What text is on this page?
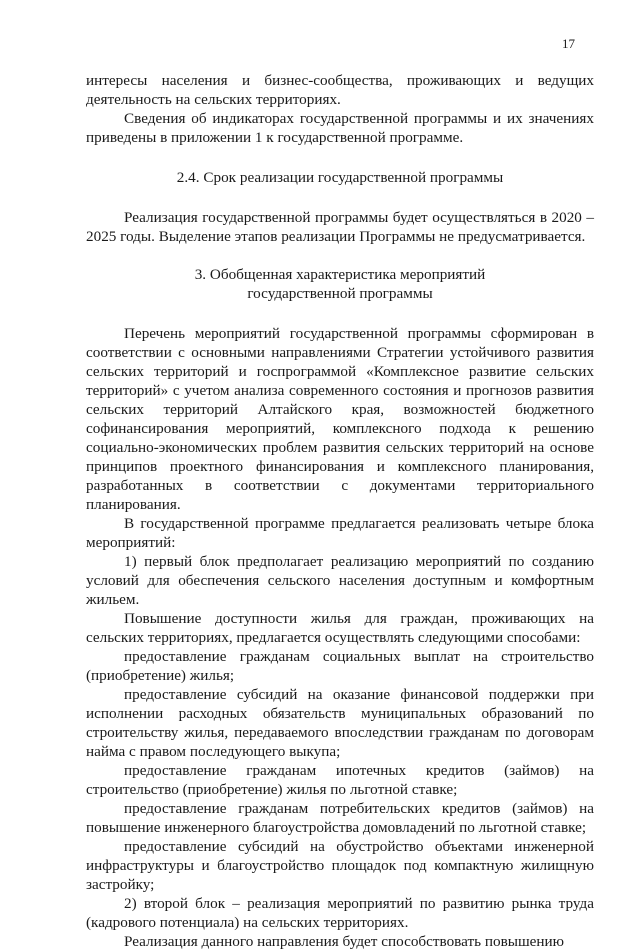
17

интересы населения и бизнес-сообщества, проживающих и ведущих деятельность на сельских территориях.

Сведения об индикаторах государственной программы и их значениях приведены в приложении 1 к государственной программе.

2.4. Срок реализации государственной программы

Реализация государственной программы будет осуществляться в 2020 – 2025 годы. Выделение этапов реализации Программы не предусматривается.

3. Обобщенная характеристика мероприятий

государственной программы

Перечень мероприятий государственной программы сформирован в соответствии с основными направлениями Стратегии устойчивого развития сельских территорий и госпрограммой «Комплексное развитие сельских территорий» с учетом анализа современного состояния и прогнозов развития сельских территорий Алтайского края, возможностей бюджетного софинансирования мероприятий, комплексного подхода к решению социально-экономических проблем развития сельских территорий на основе принципов проектного финансирования и комплексного планирования, разработанных в соответствии с документами территориального планирования.

В государственной программе предлагается реализовать четыре блока мероприятий:

1) первый блок предполагает реализацию мероприятий по созданию условий для обеспечения сельского населения доступным и комфортным жильем.

Повышение доступности жилья для граждан, проживающих на сельских территориях, предлагается осуществлять следующими способами:

предоставление гражданам социальных выплат на строительство (приобретение) жилья;

предоставление субсидий на оказание финансовой поддержки при исполнении расходных обязательств муниципальных образований по строительству жилья, передаваемого впоследствии гражданам по договорам найма с правом последующего выкупа;

предоставление гражданам ипотечных кредитов (займов) на строительство (приобретение) жилья по льготной ставке;

предоставление гражданам потребительских кредитов (займов) на повышение инженерного благоустройства домовладений по льготной ставке;

предоставление субсидий на обустройство объектами инженерной инфраструктуры и благоустройство площадок под компактную жилищную застройку;

2) второй блок – реализация мероприятий по развитию рынка труда (кадрового потенциала) на сельских территориях.

Реализация данного направления будет способствовать повышению
